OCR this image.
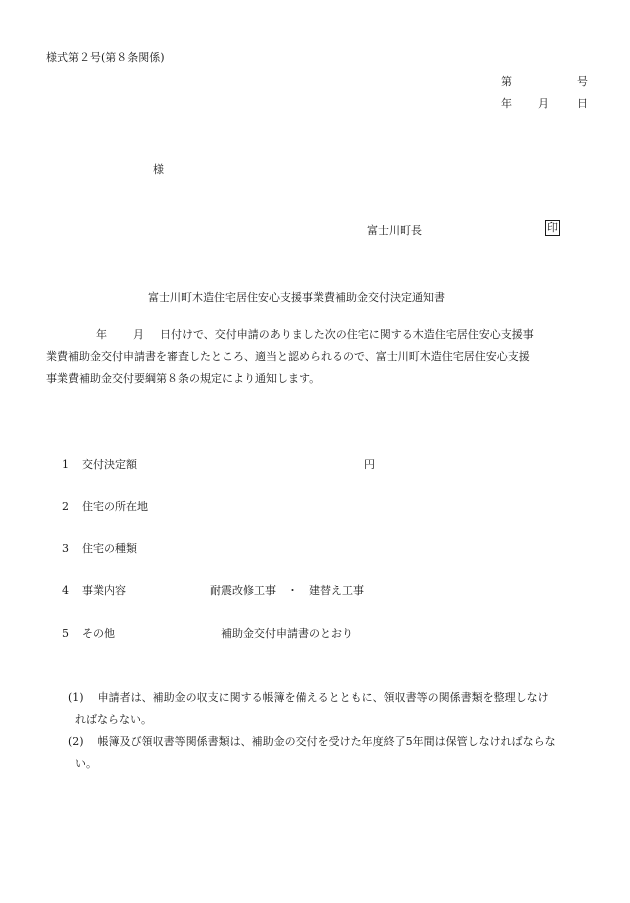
様式第２号(第８条関係)
第	号
年 月	日
様
富士川町長	印
富士川町木造住宅居住安心支援事業費補助金交付決定通知書
年 月 日付けで、交付申請のありました次の住宅に関する木造住宅居住安心支援事
業費補助金交付申請書を審査したところ、適当と認められるので、富士川町木造住宅居住安心支援
事業費補助金交付要綱第８条の規定により通知します。
1 交付決定額	円
2 住宅の所在地
3 住宅の種類
4 事業内容	耐震改修工事　・　建替え工事
5 その他	補助金交付申請書のとおり
(1) 申請者は、補助金の収支に関する帳簿を備えるとともに、領収書等の関係書類を整理しなけ
ればならない。
(2) 帳簿及び領収書等関係書類は、補助金の交付を受けた年度終了5年間は保管しなければならな
い。
